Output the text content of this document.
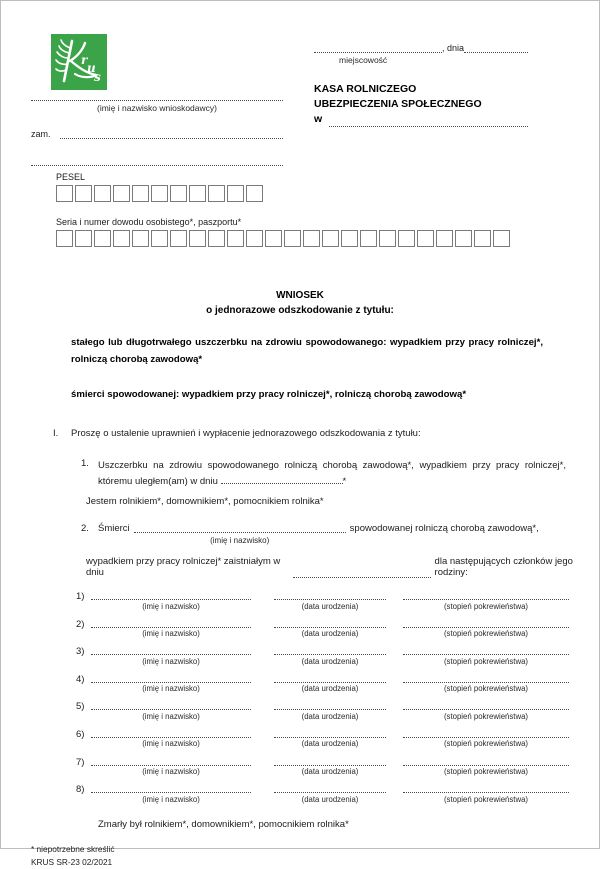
r
u
s
, dnia
miejscowość
KASA ROLNICZEGO
UBEZPIECZENIA SPOŁECZNEGO
w
(imię i nazwisko wnioskodawcy)
zam.
PESEL
Seria i numer dowodu osobistego*, paszportu*
WNIOSEK
o jednorazowe odszkodowanie z tytułu:
stałego lub długotrwałego uszczerbku na zdrowiu spowodowanego: wypadkiem przy pracy rolniczej*, rolniczą chorobą zawodową*
śmierci spowodowanej: wypadkiem przy pracy rolniczej*, rolniczą chorobą zawodową*
I.	Proszę o ustalenie uprawnień i wypłacenie jednorazowego odszkodowania z tytułu:
1. Uszczerbku na zdrowiu spowodowanego rolniczą chorobą zawodową*, wypadkiem przy pracy rolniczej*, któremu uległem(am) w dniu	*
Jestem rolnikiem*, domownikiem*, pomocnikiem rolnika*
2. Śmierci
(imię i nazwisko)
spowodowanej rolniczą chorobą zawodową*,
wypadkiem przy pracy rolniczej* zaistniałym w dniu
dla następujących członków jego rodziny:
1)
(imię i nazwisko)	(data urodzenia)	(stopień pokrewieństwa)
2)
(imię i nazwisko)	(data urodzenia)	(stopień pokrewieństwa)
3)
(imię i nazwisko)	(data urodzenia)	(stopień pokrewieństwa)
4)
(imię i nazwisko)	(data urodzenia)	(stopień pokrewieństwa)
5)
(imię i nazwisko)	(data urodzenia)	(stopień pokrewieństwa)
6)
(imię i nazwisko)	(data urodzenia)	(stopień pokrewieństwa)
7)
(imię i nazwisko)	(data urodzenia)	(stopień pokrewieństwa)
8)
(imię i nazwisko)	(data urodzenia)	(stopień pokrewieństwa)
Zmarły był rolnikiem*, domownikiem*, pomocnikiem rolnika*
* niepotrzebne skreślić
KRUS SR-23 02/2021
